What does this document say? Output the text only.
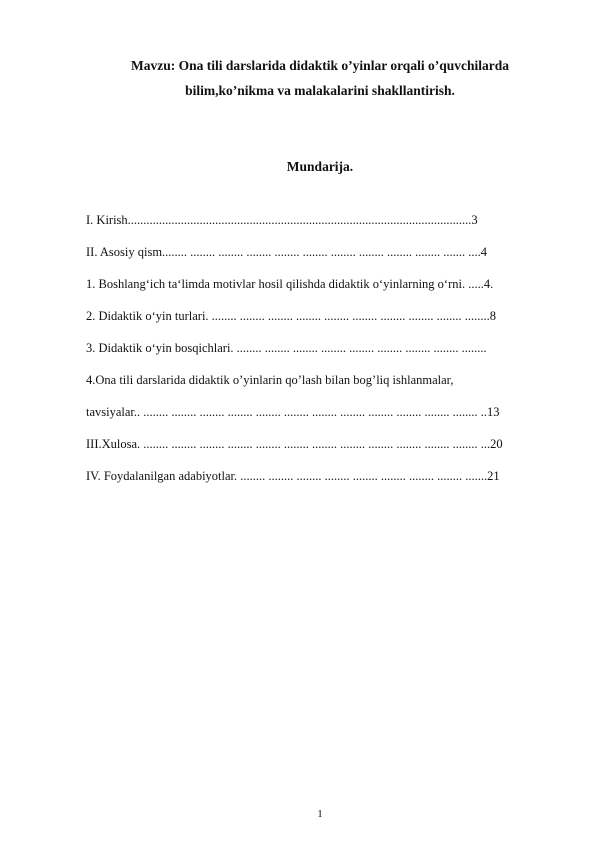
Mavzu: Ona tili darslarida didaktik o’yinlar orqali o’quvchilarda
bilim,ko’nikma va malakalarini shakllantirish.
Mundarija.
I. Kirish..............................................................................................................3
II. Asosiy qism........ ........ ........ ........ ........ ........ ........ ........ ........ ........ ....... ....4
1. Boshlang‘ich ta‘limda motivlar hosil qilishda didaktik o‘yinlarning o‘rni. .....4.
2. Didaktik o‘yin turlari. ........ ........ ........ ........ ........ ........ ........ ........ ........ ........8
3. Didaktik o‘yin bosqichlari. ........ ........ ........ ........ ........ ........ ........ ........ ........
4.Ona tili darslarida didaktik o’yinlarin qo’lash bilan bog’liq ishlanmalar,
tavsiyalar.. ........ ........ ........ ........ ........ ........ ........ ........ ........ ........ ........ ........ ..13
III.Xulosa. ........ ........ ........ ........ ........ ........ ........ ........ ........ ........ ........ ........ ...20
IV. Foydalanilgan adabiyotlar. ........ ........ ........ ........ ........ ........ ........ ........ .......21
1
